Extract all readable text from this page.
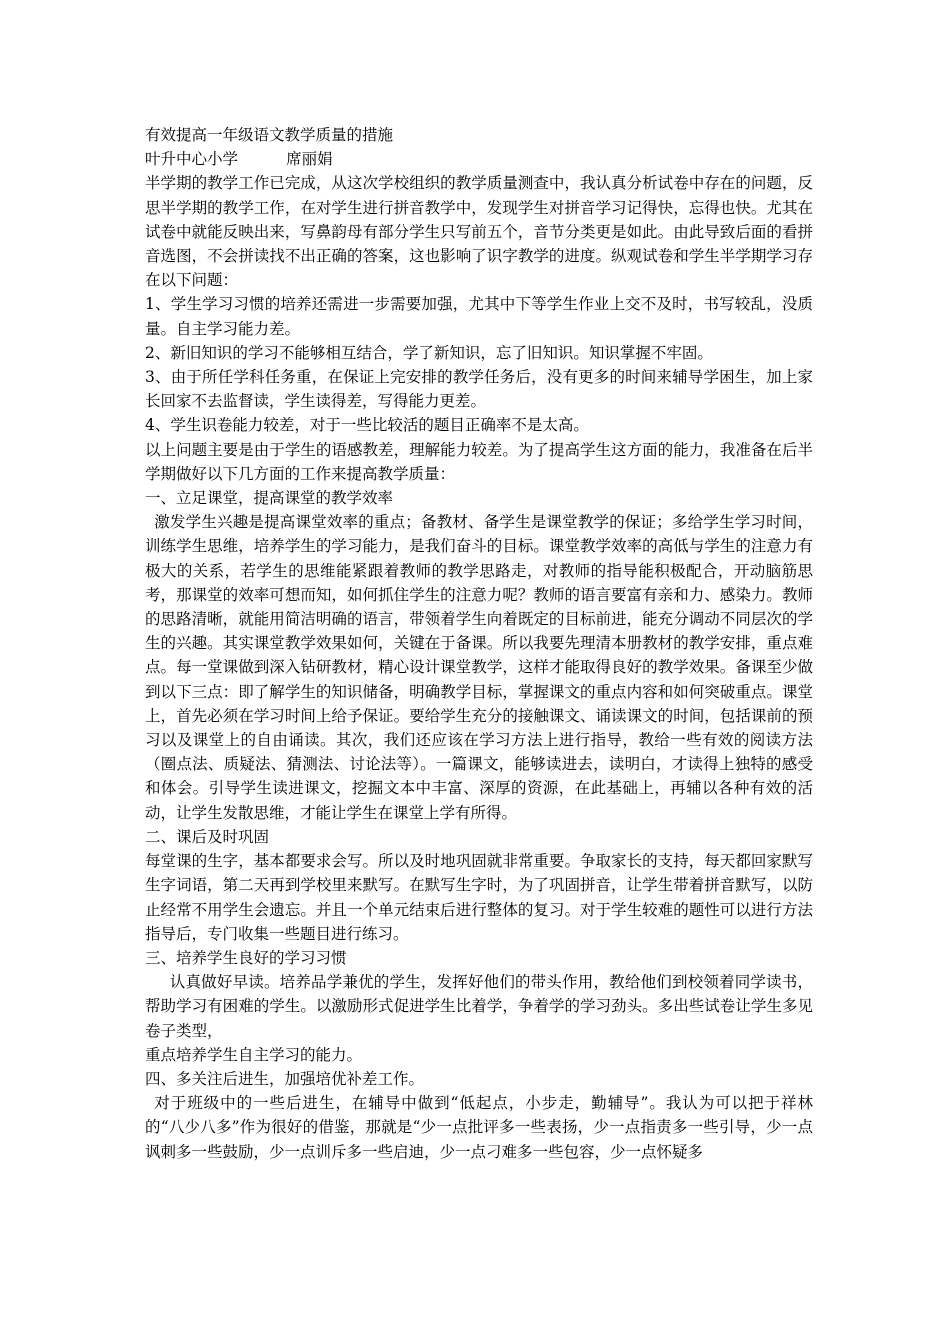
有效提高一年级语文教学质量的措施
叶升中心小学	席丽娟
半学期的教学工作已完成，从这次学校组织的教学质量测查中，我认真分析试卷中存在的问题，反思半学期的教学工作，在对学生进行拼音教学中，发现学生对拼音学习记得快，忘得也快。尤其在试卷中就能反映出来，写鼻韵母有部分学生只写前五个，音节分类更是如此。由此导致后面的看拼音选图，不会拼读找不出正确的答案，这也影响了识字教学的进度。纵观试卷和学生半学期学习存在以下问题：
1、学生学习习惯的培养还需进一步需要加强，尤其中下等学生作业上交不及时，书写较乱，没质量。自主学习能力差。
2、新旧知识的学习不能够相互结合，学了新知识，忘了旧知识。知识掌握不牢固。
3、由于所任学科任务重，在保证上完安排的教学任务后，没有更多的时间来辅导学困生，加上家长回家不去监督读，学生读得差，写得能力更差。
4、学生识卷能力较差，对于一些比较活的题目正确率不是太高。
以上问题主要是由于学生的语感教差，理解能力较差。为了提高学生这方面的能力，我准备在后半学期做好以下几方面的工作来提高教学质量：
一、立足课堂，提高课堂的教学效率
激发学生兴趣是提高课堂效率的重点；备教材、备学生是课堂教学的保证；多给学生学习时间，训练学生思维，培养学生的学习能力，是我们奋斗的目标。课堂教学效率的高低与学生的注意力有极大的关系，若学生的思维能紧跟着教师的教学思路走，对教师的指导能积极配合，开动脑筋思考，那课堂的效率可想而知，如何抓住学生的注意力呢？教师的语言要富有亲和力、感染力。教师的思路清晰，就能用简洁明确的语言，带领着学生向着既定的目标前进，能充分调动不同层次的学生的兴趣。其实课堂教学效果如何，关键在于备课。所以我要先理清本册教材的教学安排，重点难点。每一堂课做到深入钻研教材，精心设计课堂教学，这样才能取得良好的教学效果。备课至少做到以下三点：即了解学生的知识储备，明确教学目标，掌握课文的重点内容和如何突破重点。课堂上，首先必须在学习时间上给予保证。要给学生充分的接触课文、诵读课文的时间，包括课前的预习以及课堂上的自由诵读。其次，我们还应该在学习方法上进行指导，教给一些有效的阅读方法（圈点法、质疑法、猜测法、讨论法等）。一篇课文，能够读进去，读明白，才读得上独特的感受和体会。引导学生读进课文，挖掘文本中丰富、深厚的资源，在此基础上，再辅以各种有效的活动，让学生发散思维，才能让学生在课堂上学有所得。
二、课后及时巩固
每堂课的生字，基本都要求会写。所以及时地巩固就非常重要。争取家长的支持，每天都回家默写生字词语，第二天再到学校里来默写。在默写生字时，为了巩固拼音，让学生带着拼音默写，以防止经常不用学生会遗忘。并且一个单元结束后进行整体的复习。对于学生较难的题性可以进行方法指导后，专门收集一些题目进行练习。
三、培养学生良好的学习习惯
认真做好早读。培养品学兼优的学生，发挥好他们的带头作用，教给他们到校领着同学读书，帮助学习有困难的学生。以激励形式促进学生比着学，争着学的学习劲头。多出些试卷让学生多见卷子类型，
重点培养学生自主学习的能力。
四、多关注后进生，加强培优补差工作。
对于班级中的一些后进生，在辅导中做到“低起点，小步走，勤辅导”。我认为可以把于祥林的“八少八多”作为很好的借鉴，那就是“少一点批评多一些表扬，少一点指责多一些引导，少一点讽刺多一些鼓励，少一点训斥多一些启迪，少一点刁难多一些包容，少一点怀疑多
